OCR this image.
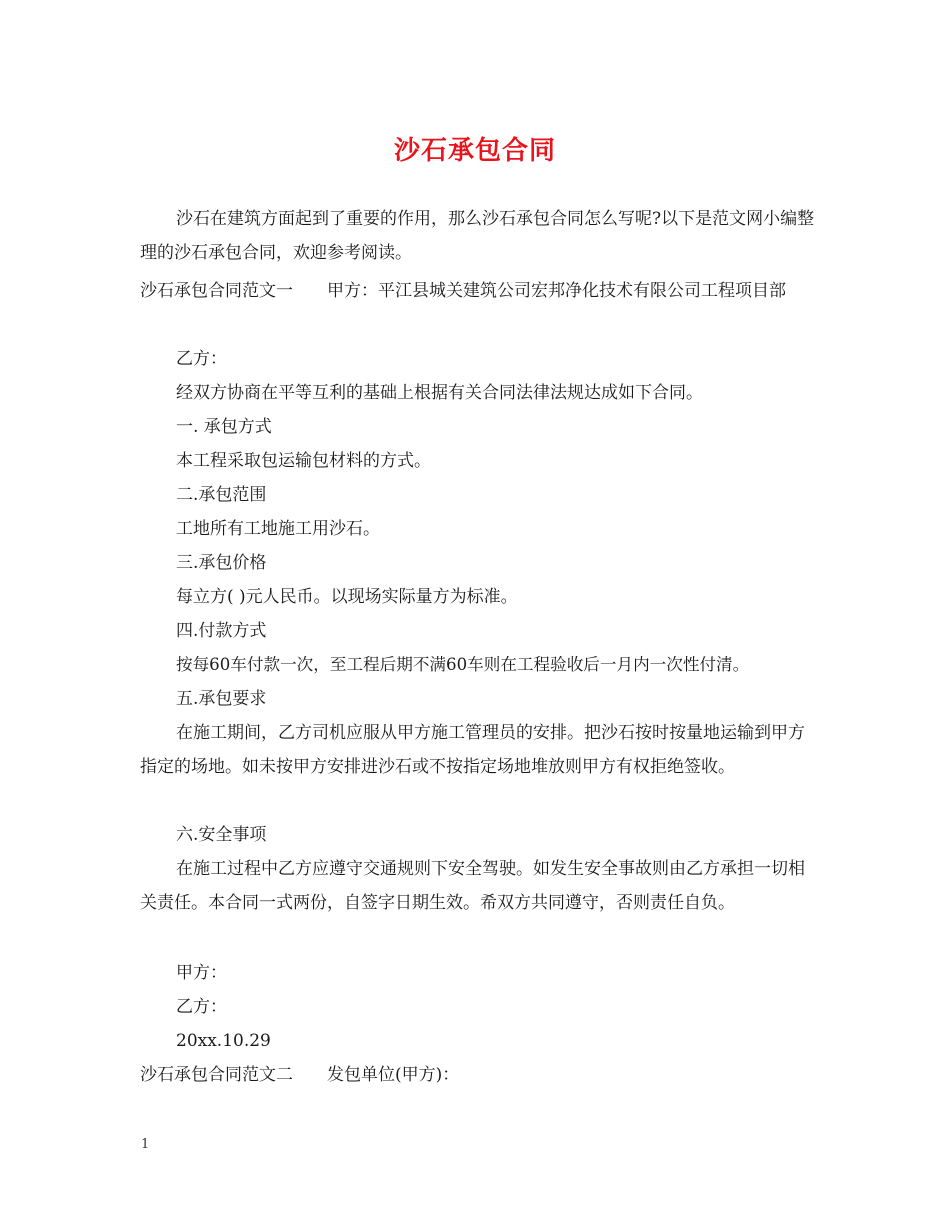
沙石承包合同

沙石在建筑方面起到了重要的作用，那么沙石承包合同怎么写呢?以下是范文网小编整理的沙石承包合同，欢迎参考阅读。

沙石承包合同范文一 甲方：平江县城关建筑公司宏邦净化技术有限公司工程项目部

乙方：

经双方协商在平等互利的基础上根据有关合同法律法规达成如下合同。

一. 承包方式

本工程采取包运输包材料的方式。

二.承包范围

工地所有工地施工用沙石。

三.承包价格

每立方( )元人民币。以现场实际量方为标准。

四.付款方式

按每60车付款一次，至工程后期不满60车则在工程验收后一月内一次性付清。

五.承包要求

在施工期间，乙方司机应服从甲方施工管理员的安排。把沙石按时按量地运输到甲方指定的场地。如未按甲方安排进沙石或不按指定场地堆放则甲方有权拒绝签收。

六.安全事项

在施工过程中乙方应遵守交通规则下安全驾驶。如发生安全事故则由乙方承担一切相关责任。本合同一式两份，自签字日期生效。希双方共同遵守，否则责任自负。

甲方：

乙方：

20xx.10.29

沙石承包合同范文二 发包单位(甲方)：

1
